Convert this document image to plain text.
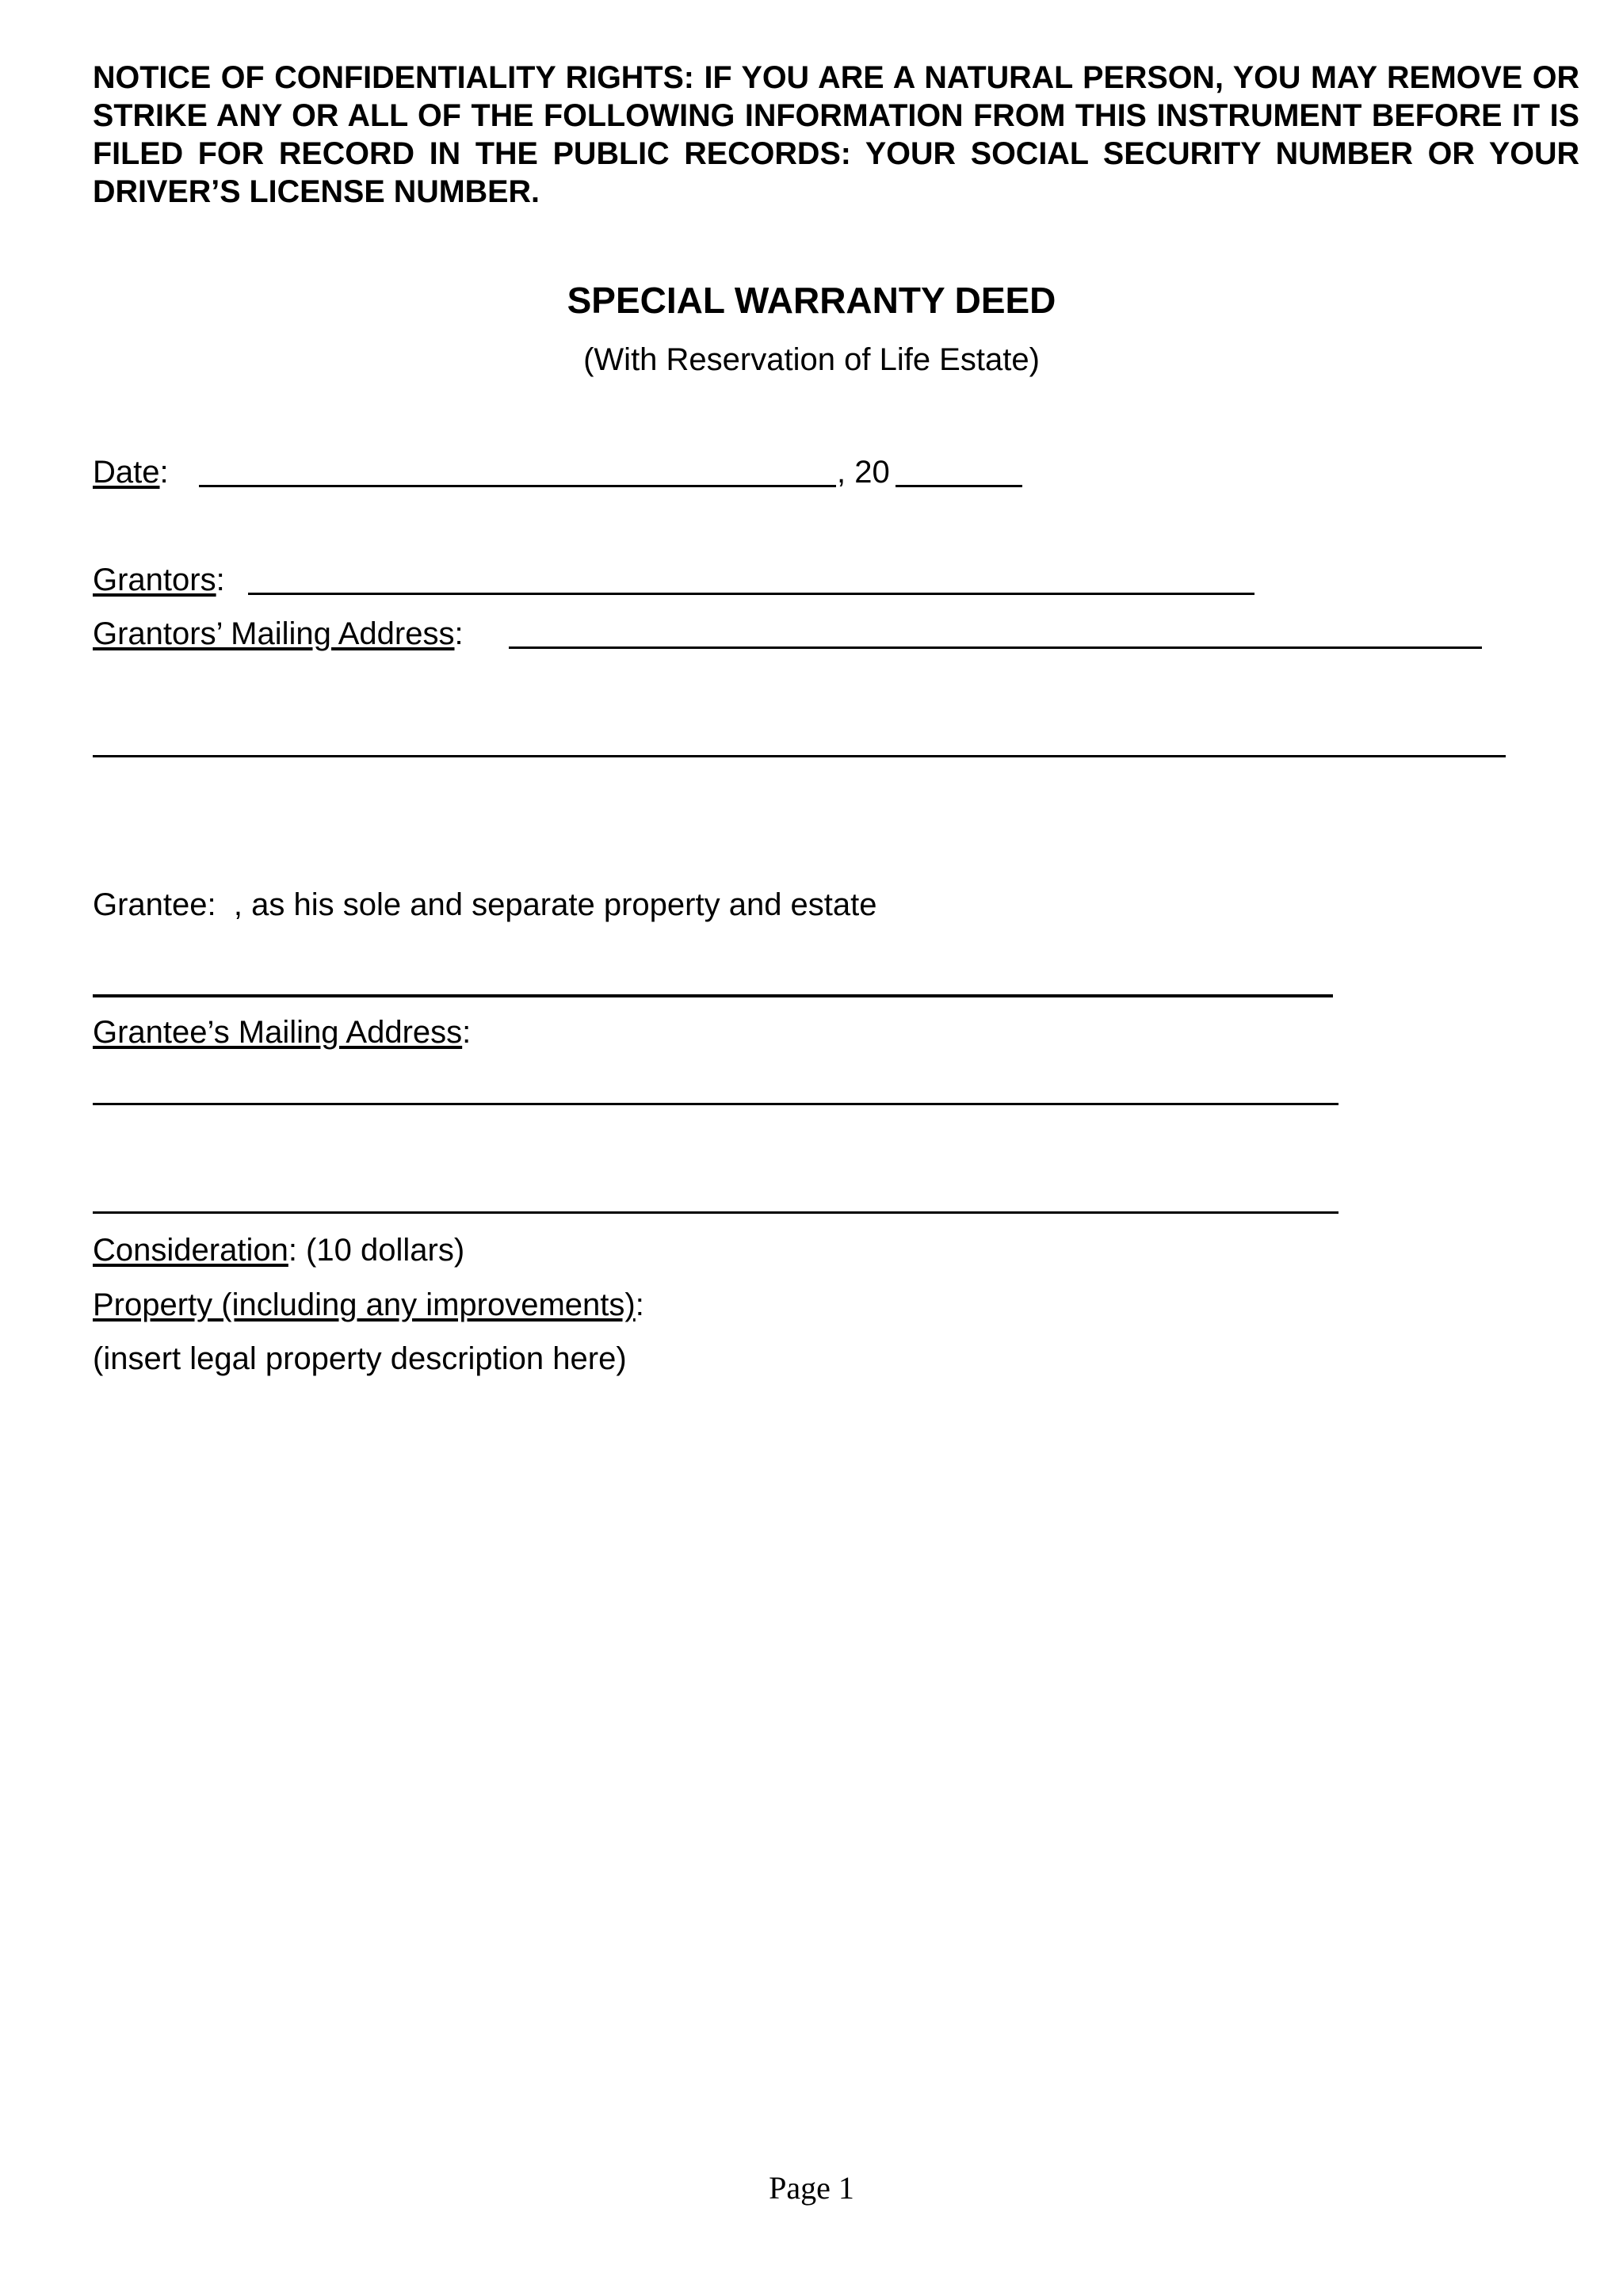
NOTICE OF CONFIDENTIALITY RIGHTS: IF YOU ARE A NATURAL PERSON, YOU MAY REMOVE OR STRIKE ANY OR ALL OF THE FOLLOWING INFORMATION FROM THIS INSTRUMENT BEFORE IT IS FILED FOR RECORD IN THE PUBLIC RECORDS: YOUR SOCIAL SECURITY NUMBER OR YOUR DRIVER’S LICENSE NUMBER.

SPECIAL WARRANTY DEED

(With Reservation of Life Estate)

Date:	, 20
Grantors:
Grantors’ Mailing Address:
Grantee: , as his sole and separate property and estate
Grantee’s Mailing Address:
Consideration: (10 dollars)
Property (including any improvements):
(insert legal property description here)
Page 1
